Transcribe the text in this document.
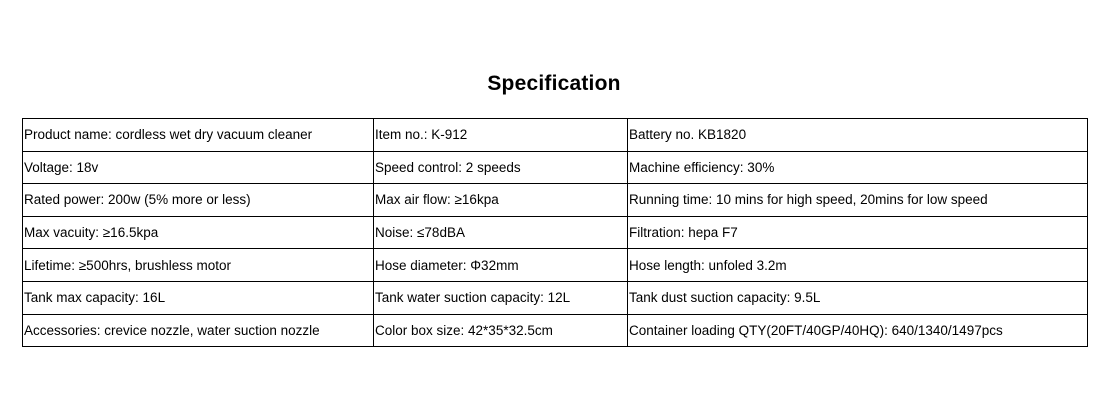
Specification
Product name: cordless wet dry vacuum cleaner	Item no.: K-912	Battery no. KB1820
Voltage: 18v	Speed control: 2 speeds	Machine efficiency: 30%
Rated power: 200w (5% more or less)	Max air flow: ≥16kpa	Running time: 10 mins for high speed, 20mins for low speed
Max vacuity: ≥16.5kpa	Noise: ≤78dBA	Filtration: hepa F7
Lifetime: ≥500hrs, brushless motor	Hose diameter: Φ32mm	Hose length: unfoled 3.2m
Tank max capacity: 16L	Tank water suction capacity: 12L	Tank dust suction capacity: 9.5L
Accessories: crevice nozzle, water suction nozzle	Color box size: 42*35*32.5cm	Container loading QTY(20FT/40GP/40HQ): 640/1340/1497pcs
